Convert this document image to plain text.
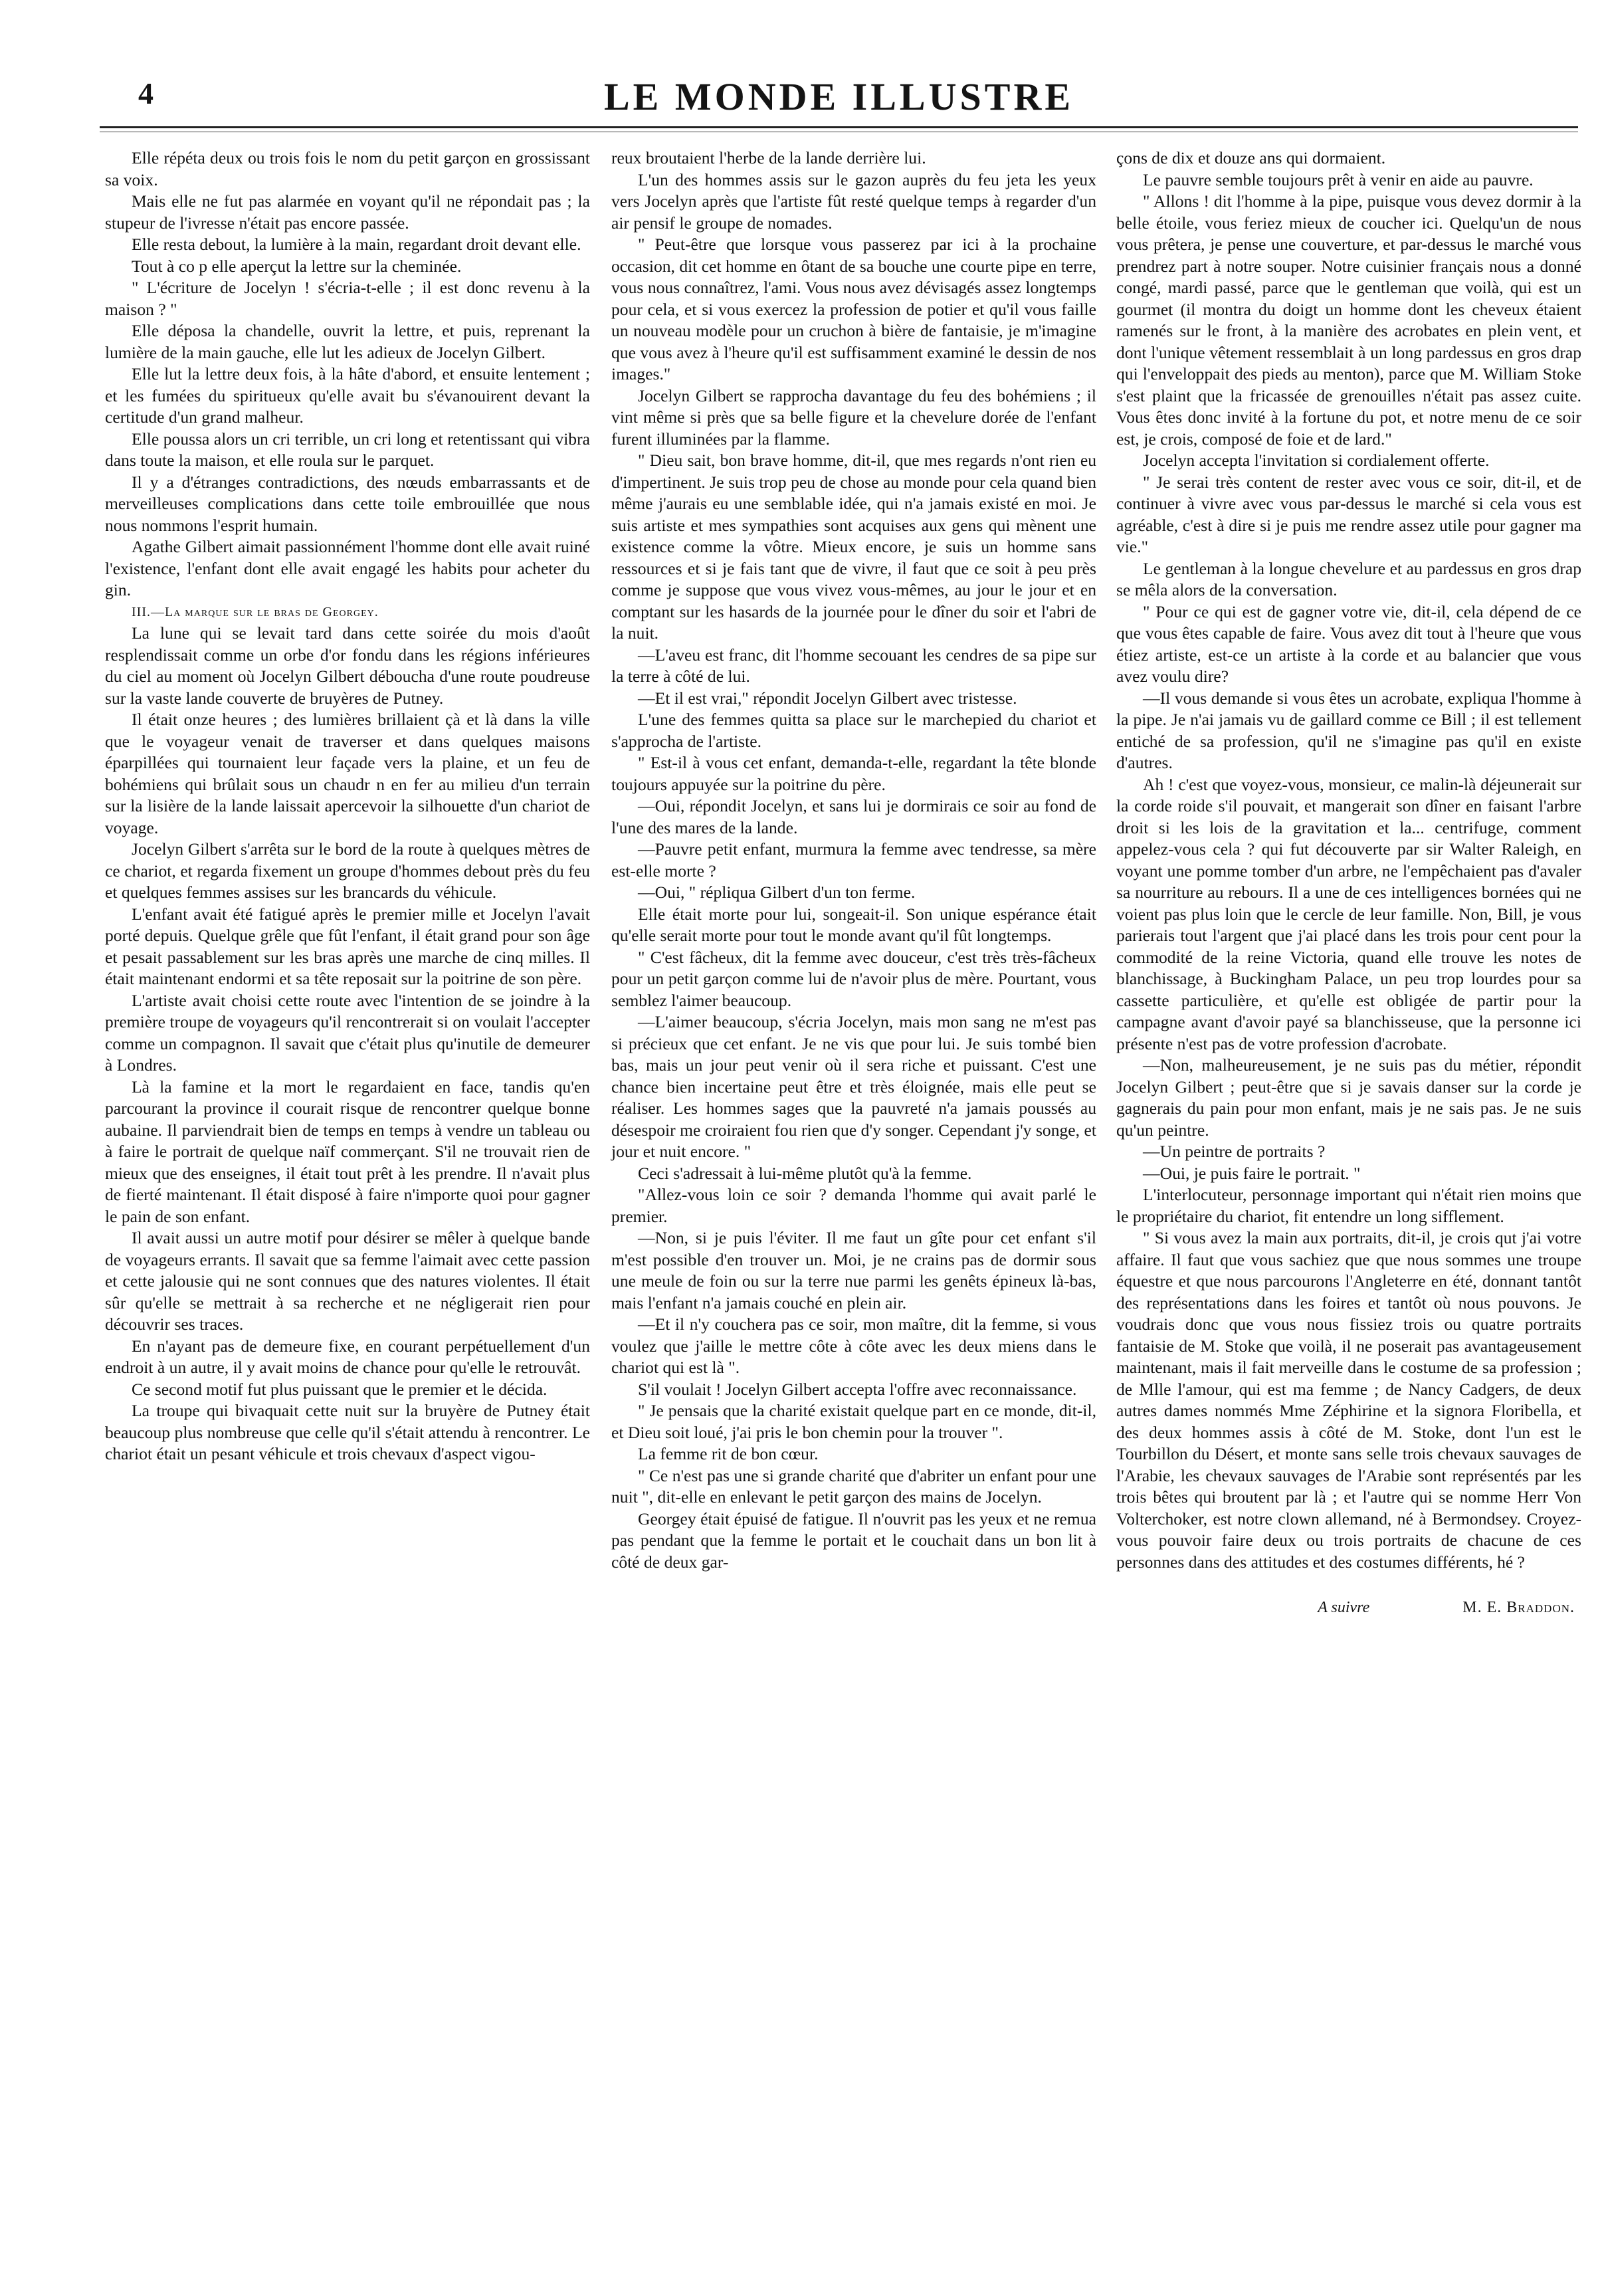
4	LE MONDE ILLUSTRE

Elle répéta deux ou trois fois le nom du petit garçon en grossissant sa voix.

Mais elle ne fut pas alarmée en voyant qu'il ne répondait pas ; la stupeur de l'ivresse n'était pas encore passée.

Elle resta debout, la lumière à la main, regardant droit devant elle.

Tout à co p elle aperçut la lettre sur la cheminée.

" L'écriture de Jocelyn ! s'écria-t-elle ; il est donc revenu à la maison ? "

Elle déposa la chandelle, ouvrit la lettre, et puis, reprenant la lumière de la main gauche, elle lut les adieux de Jocelyn Gilbert.

Elle lut la lettre deux fois, à la hâte d'abord, et ensuite lentement ; et les fumées du spiritueux qu'elle avait bu s'évanouirent devant la certitude d'un grand malheur.

Elle poussa alors un cri terrible, un cri long et retentissant qui vibra dans toute la maison, et elle roula sur le parquet.

Il y a d'étranges contradictions, des nœuds embarrassants et de merveilleuses complications dans cette toile embrouillée que nous nous nommons l'esprit humain.

Agathe Gilbert aimait passionnément l'homme dont elle avait ruiné l'existence, l'enfant dont elle avait engagé les habits pour acheter du gin.

III.—La marque sur le bras de Georgey.

La lune qui se levait tard dans cette soirée du mois d'août resplendissait comme un orbe d'or fondu dans les régions inférieures du ciel au moment où Jocelyn Gilbert déboucha d'une route poudreuse sur la vaste lande couverte de bruyères de Putney.

Il était onze heures ; des lumières brillaient çà et là dans la ville que le voyageur venait de traverser et dans quelques maisons éparpillées qui tournaient leur façade vers la plaine, et un feu de bohémiens qui brûlait sous un chaudr n en fer au milieu d'un terrain sur la lisière de la lande laissait apercevoir la silhouette d'un chariot de voyage.

Jocelyn Gilbert s'arrêta sur le bord de la route à quelques mètres de ce chariot, et regarda fixement un groupe d'hommes debout près du feu et quelques femmes assises sur les brancards du véhicule.

L'enfant avait été fatigué après le premier mille et Jocelyn l'avait porté depuis. Quelque grêle que fût l'enfant, il était grand pour son âge et pesait passablement sur les bras après une marche de cinq milles. Il était maintenant endormi et sa tête reposait sur la poitrine de son père.

L'artiste avait choisi cette route avec l'intention de se joindre à la première troupe de voyageurs qu'il rencontrerait si on voulait l'accepter comme un compagnon. Il savait que c'était plus qu'inutile de demeurer à Londres.

Là la famine et la mort le regardaient en face, tandis qu'en parcourant la province il courait risque de rencontrer quelque bonne aubaine. Il parviendrait bien de temps en temps à vendre un tableau ou à faire le portrait de quelque naïf commerçant. S'il ne trouvait rien de mieux que des enseignes, il était tout prêt à les prendre. Il n'avait plus de fierté maintenant. Il était disposé à faire n'importe quoi pour gagner le pain de son enfant.

Il avait aussi un autre motif pour désirer se mêler à quelque bande de voyageurs errants. Il savait que sa femme l'aimait avec cette passion et cette jalousie qui ne sont connues que des natures violentes. Il était sûr qu'elle se mettrait à sa recherche et ne négligerait rien pour découvrir ses traces.

En n'ayant pas de demeure fixe, en courant perpétuellement d'un endroit à un autre, il y avait moins de chance pour qu'elle le retrouvât.

Ce second motif fut plus puissant que le premier et le décida.

La troupe qui bivaquait cette nuit sur la bruyère de Putney était beaucoup plus nombreuse que celle qu'il s'était attendu à rencontrer. Le chariot était un pesant véhicule et trois chevaux d'aspect vigou-

reux broutaient l'herbe de la lande derrière lui.

L'un des hommes assis sur le gazon auprès du feu jeta les yeux vers Jocelyn après que l'artiste fût resté quelque temps à regarder d'un air pensif le groupe de nomades.

" Peut-être que lorsque vous passerez par ici à la prochaine occasion, dit cet homme en ôtant de sa bouche une courte pipe en terre, vous nous connaîtrez, l'ami. Vous nous avez dévisagés assez longtemps pour cela, et si vous exercez la profession de potier et qu'il vous faille un nouveau modèle pour un cruchon à bière de fantaisie, je m'imagine que vous avez à l'heure qu'il est suffisamment examiné le dessin de nos images."

Jocelyn Gilbert se rapprocha davantage du feu des bohémiens ; il vint même si près que sa belle figure et la chevelure dorée de l'enfant furent illuminées par la flamme.

" Dieu sait, bon brave homme, dit-il, que mes regards n'ont rien eu d'impertinent. Je suis trop peu de chose au monde pour cela quand bien même j'aurais eu une semblable idée, qui n'a jamais existé en moi. Je suis artiste et mes sympathies sont acquises aux gens qui mènent une existence comme la vôtre. Mieux encore, je suis un homme sans ressources et si je fais tant que de vivre, il faut que ce soit à peu près comme je suppose que vous vivez vous-mêmes, au jour le jour et en comptant sur les hasards de la journée pour le dîner du soir et l'abri de la nuit.

—L'aveu est franc, dit l'homme secouant les cendres de sa pipe sur la terre à côté de lui.

—Et il est vrai," répondit Jocelyn Gilbert avec tristesse.

L'une des femmes quitta sa place sur le marchepied du chariot et s'approcha de l'artiste.

" Est-il à vous cet enfant, demanda-t-elle, regardant la tête blonde toujours appuyée sur la poitrine du père.

—Oui, répondit Jocelyn, et sans lui je dormirais ce soir au fond de l'une des mares de la lande.

—Pauvre petit enfant, murmura la femme avec tendresse, sa mère est-elle morte ?

—Oui, " répliqua Gilbert d'un ton ferme.

Elle était morte pour lui, songeait-il. Son unique espérance était qu'elle serait morte pour tout le monde avant qu'il fût longtemps.

" C'est fâcheux, dit la femme avec douceur, c'est très très-fâcheux pour un petit garçon comme lui de n'avoir plus de mère. Pourtant, vous semblez l'aimer beaucoup.

—L'aimer beaucoup, s'écria Jocelyn, mais mon sang ne m'est pas si précieux que cet enfant. Je ne vis que pour lui. Je suis tombé bien bas, mais un jour peut venir où il sera riche et puissant. C'est une chance bien incertaine peut être et très éloignée, mais elle peut se réaliser. Les hommes sages que la pauvreté n'a jamais poussés au désespoir me croiraient fou rien que d'y songer. Cependant j'y songe, et jour et nuit encore. "

Ceci s'adressait à lui-même plutôt qu'à la femme.

"Allez-vous loin ce soir ? demanda l'homme qui avait parlé le premier.

—Non, si je puis l'éviter. Il me faut un gîte pour cet enfant s'il m'est possible d'en trouver un. Moi, je ne crains pas de dormir sous une meule de foin ou sur la terre nue parmi les genêts épineux là-bas, mais l'enfant n'a jamais couché en plein air.

—Et il n'y couchera pas ce soir, mon maître, dit la femme, si vous voulez que j'aille le mettre côte à côte avec les deux miens dans le chariot qui est là ".

S'il voulait ! Jocelyn Gilbert accepta l'offre avec reconnaissance.

" Je pensais que la charité existait quelque part en ce monde, dit-il, et Dieu soit loué, j'ai pris le bon chemin pour la trouver ".

La femme rit de bon cœur.

" Ce n'est pas une si grande charité que d'abriter un enfant pour une nuit ", dit-elle en enlevant le petit garçon des mains de Jocelyn.

Georgey était épuisé de fatigue. Il n'ouvrit pas les yeux et ne remua pas pendant que la femme le portait et le couchait dans un bon lit à côté de deux gar-

çons de dix et douze ans qui dormaient.

Le pauvre semble toujours prêt à venir en aide au pauvre.

" Allons ! dit l'homme à la pipe, puisque vous devez dormir à la belle étoile, vous feriez mieux de coucher ici. Quelqu'un de nous vous prêtera, je pense une couverture, et par-dessus le marché vous prendrez part à notre souper. Notre cuisinier français nous a donné congé, mardi passé, parce que le gentleman que voilà, qui est un gourmet (il montra du doigt un homme dont les cheveux étaient ramenés sur le front, à la manière des acrobates en plein vent, et dont l'unique vêtement ressemblait à un long pardessus en gros drap qui l'enveloppait des pieds au menton), parce que M. William Stoke s'est plaint que la fricassée de grenouilles n'était pas assez cuite. Vous êtes donc invité à la fortune du pot, et notre menu de ce soir est, je crois, composé de foie et de lard."

Jocelyn accepta l'invitation si cordialement offerte.

" Je serai très content de rester avec vous ce soir, dit-il, et de continuer à vivre avec vous par-dessus le marché si cela vous est agréable, c'est à dire si je puis me rendre assez utile pour gagner ma vie."

Le gentleman à la longue chevelure et au pardessus en gros drap se mêla alors de la conversation.

" Pour ce qui est de gagner votre vie, dit-il, cela dépend de ce que vous êtes capable de faire. Vous avez dit tout à l'heure que vous étiez artiste, est-ce un artiste à la corde et au balancier que vous avez voulu dire?

—Il vous demande si vous êtes un acrobate, expliqua l'homme à la pipe. Je n'ai jamais vu de gaillard comme ce Bill ; il est tellement entiché de sa profession, qu'il ne s'imagine pas qu'il en existe d'autres.

Ah ! c'est que voyez-vous, monsieur, ce malin-là déjeunerait sur la corde roide s'il pouvait, et mangerait son dîner en faisant l'arbre droit si les lois de la gravitation et la... centrifuge, comment appelez-vous cela ? qui fut découverte par sir Walter Raleigh, en voyant une pomme tomber d'un arbre, ne l'empêchaient pas d'avaler sa nourriture au rebours. Il a une de ces intelligences bornées qui ne voient pas plus loin que le cercle de leur famille. Non, Bill, je vous parierais tout l'argent que j'ai placé dans les trois pour cent pour la commodité de la reine Victoria, quand elle trouve les notes de blanchissage, à Buckingham Palace, un peu trop lourdes pour sa cassette particulière, et qu'elle est obligée de partir pour la campagne avant d'avoir payé sa blanchisseuse, que la personne ici présente n'est pas de votre profession d'acrobate.

—Non, malheureusement, je ne suis pas du métier, répondit Jocelyn Gilbert ; peut-être que si je savais danser sur la corde je gagnerais du pain pour mon enfant, mais je ne sais pas. Je ne suis qu'un peintre.

—Un peintre de portraits ?

—Oui, je puis faire le portrait. "

L'interlocuteur, personnage important qui n'était rien moins que le propriétaire du chariot, fit entendre un long sifflement.

" Si vous avez la main aux portraits, dit-il, je crois qut j'ai votre affaire. Il faut que vous sachiez que que nous sommes une troupe équestre et que nous parcourons l'Angleterre en été, donnant tantôt des représentations dans les foires et tantôt où nous pouvons. Je voudrais donc que vous nous fissiez trois ou quatre portraits fantaisie de M. Stoke que voilà, il ne poserait pas avantageusement maintenant, mais il fait merveille dans le costume de sa profession ; de Mlle l'amour, qui est ma femme ; de Nancy Cadgers, de deux autres dames nommés Mme Zéphirine et la signora Floribella, et des deux hommes assis à côté de M. Stoke, dont l'un est le Tourbillon du Désert, et monte sans selle trois chevaux sauvages de l'Arabie, les chevaux sauvages de l'Arabie sont représentés par les trois bêtes qui broutent par là ; et l'autre qui se nomme Herr Von Volterchoker, est notre clown allemand, né à Bermondsey. Croyez-vous pouvoir faire deux ou trois portraits de chacune de ces personnes dans des attitudes et des costumes différents, hé ?

A suivre	M. E. Braddon.
